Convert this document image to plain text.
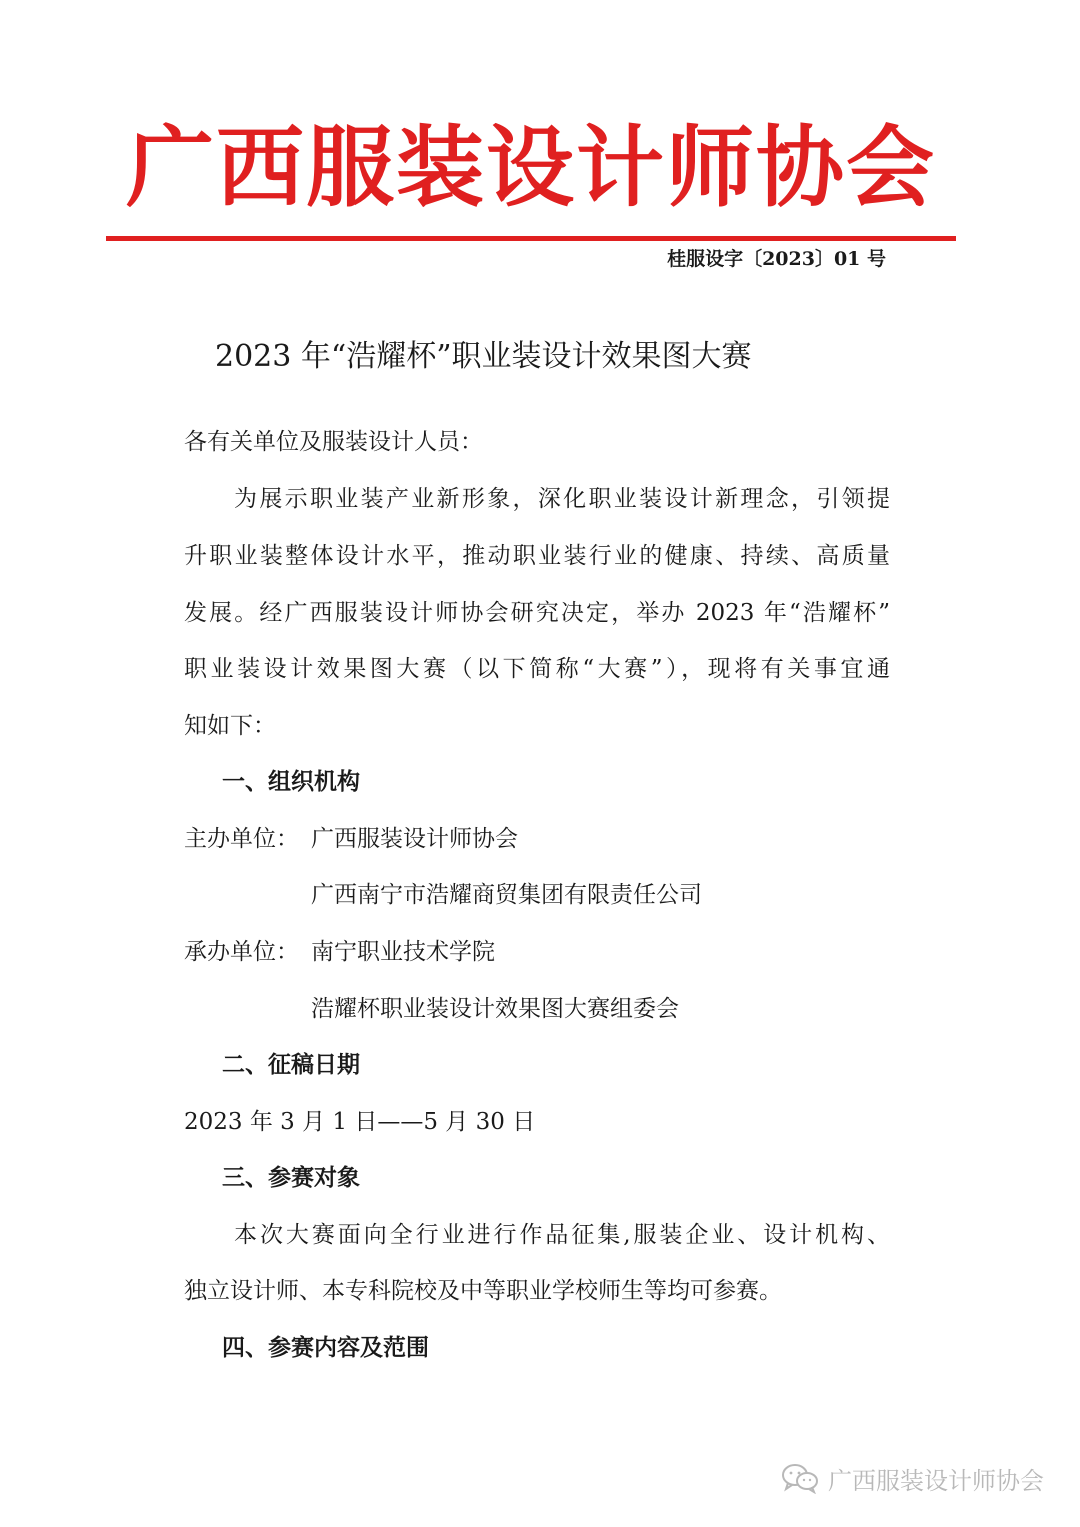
广西服装设计师协会
桂服设字〔2023〕01 号
2023 年“浩耀杯”职业装设计效果图大赛
各有关单位及服装设计人员：
为展示职业装产业新形象，深化职业装设计新理念，引领提
升职业装整体设计水平，推动职业装行业的健康、持续、高质量
发展。经广西服装设计师协会研究决定，举办 2023 年“浩耀杯”
职业装设计效果图大赛（以下简称“大赛”），现将有关事宜通
知如下：
一、组织机构
主办单位： 广西服装设计师协会
广西南宁市浩耀商贸集团有限责任公司
承办单位： 南宁职业技术学院
浩耀杯职业装设计效果图大赛组委会
二、征稿日期
2023 年 3 月 1 日——5 月 30 日
三、参赛对象
本次大赛面向全行业进行作品征集,服装企业、设计机构、
独立设计师、本专科院校及中等职业学校师生等均可参赛。
四、参赛内容及范围
广西服装设计师协会
